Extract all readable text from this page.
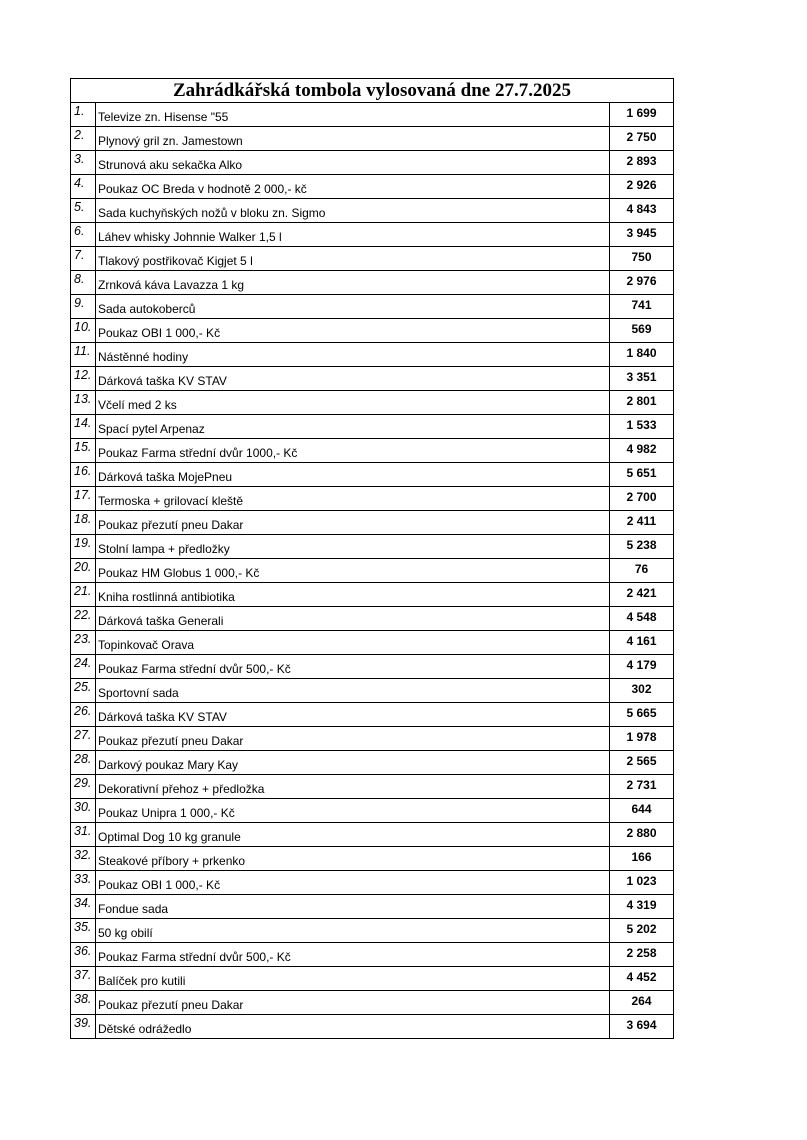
Zahrádkářská tombola vylosovaná dne 27.7.2025		
1.	Televize zn. Hisense "55	1 699
2.	Plynový gril zn. Jamestown	2 750
3.	Strunová aku sekačka Alko	2 893
4.	Poukaz OC Breda v hodnotě 2 000,- kč	2 926
5.	Sada kuchyňských nožů v bloku zn. Sigmo	4 843
6.	Láhev whisky Johnnie Walker 1,5 l	3 945
7.	Tlakový postřikovač Kigjet 5 l	750
8.	Zrnková káva Lavazza 1 kg	2 976
9.	Sada autokoberců	741
10.	Poukaz OBI 1 000,- Kč	569
11.	Nástěnné hodiny	1 840
12.	Dárková taška KV STAV	3 351
13.	Včelí med 2 ks	2 801
14.	Spací pytel Arpenaz	1 533
15.	Poukaz Farma střední dvůr 1000,- Kč	4 982
16.	Dárková taška MojePneu	5 651
17.	Termoska + grilovací kleště	2 700
18.	Poukaz přezutí pneu Dakar	2 411
19.	Stolní lampa + předložky	5 238
20.	Poukaz HM Globus 1 000,- Kč	76
21.	Kniha rostlinná antibiotika	2 421
22.	Dárková taška Generali	4 548
23.	Topinkovač Orava	4 161
24.	Poukaz Farma střední dvůr 500,- Kč	4 179
25.	Sportovní sada	302
26.	Dárková taška KV STAV	5 665
27.	Poukaz přezutí pneu Dakar	1 978
28.	Darkový poukaz Mary Kay	2 565
29.	Dekorativní přehoz + předložka	2 731
30.	Poukaz Unipra 1 000,- Kč	644
31.	Optimal Dog 10 kg granule	2 880
32.	Steakové příbory + prkenko	166
33.	Poukaz OBI 1 000,- Kč	1 023
34.	Fondue sada	4 319
35.	50 kg obilí	5 202
36.	Poukaz Farma střední dvůr 500,- Kč	2 258
37.	Balíček pro kutili	4 452
38.	Poukaz přezutí pneu Dakar	264
39.	Dětské odrážedlo	3 694
